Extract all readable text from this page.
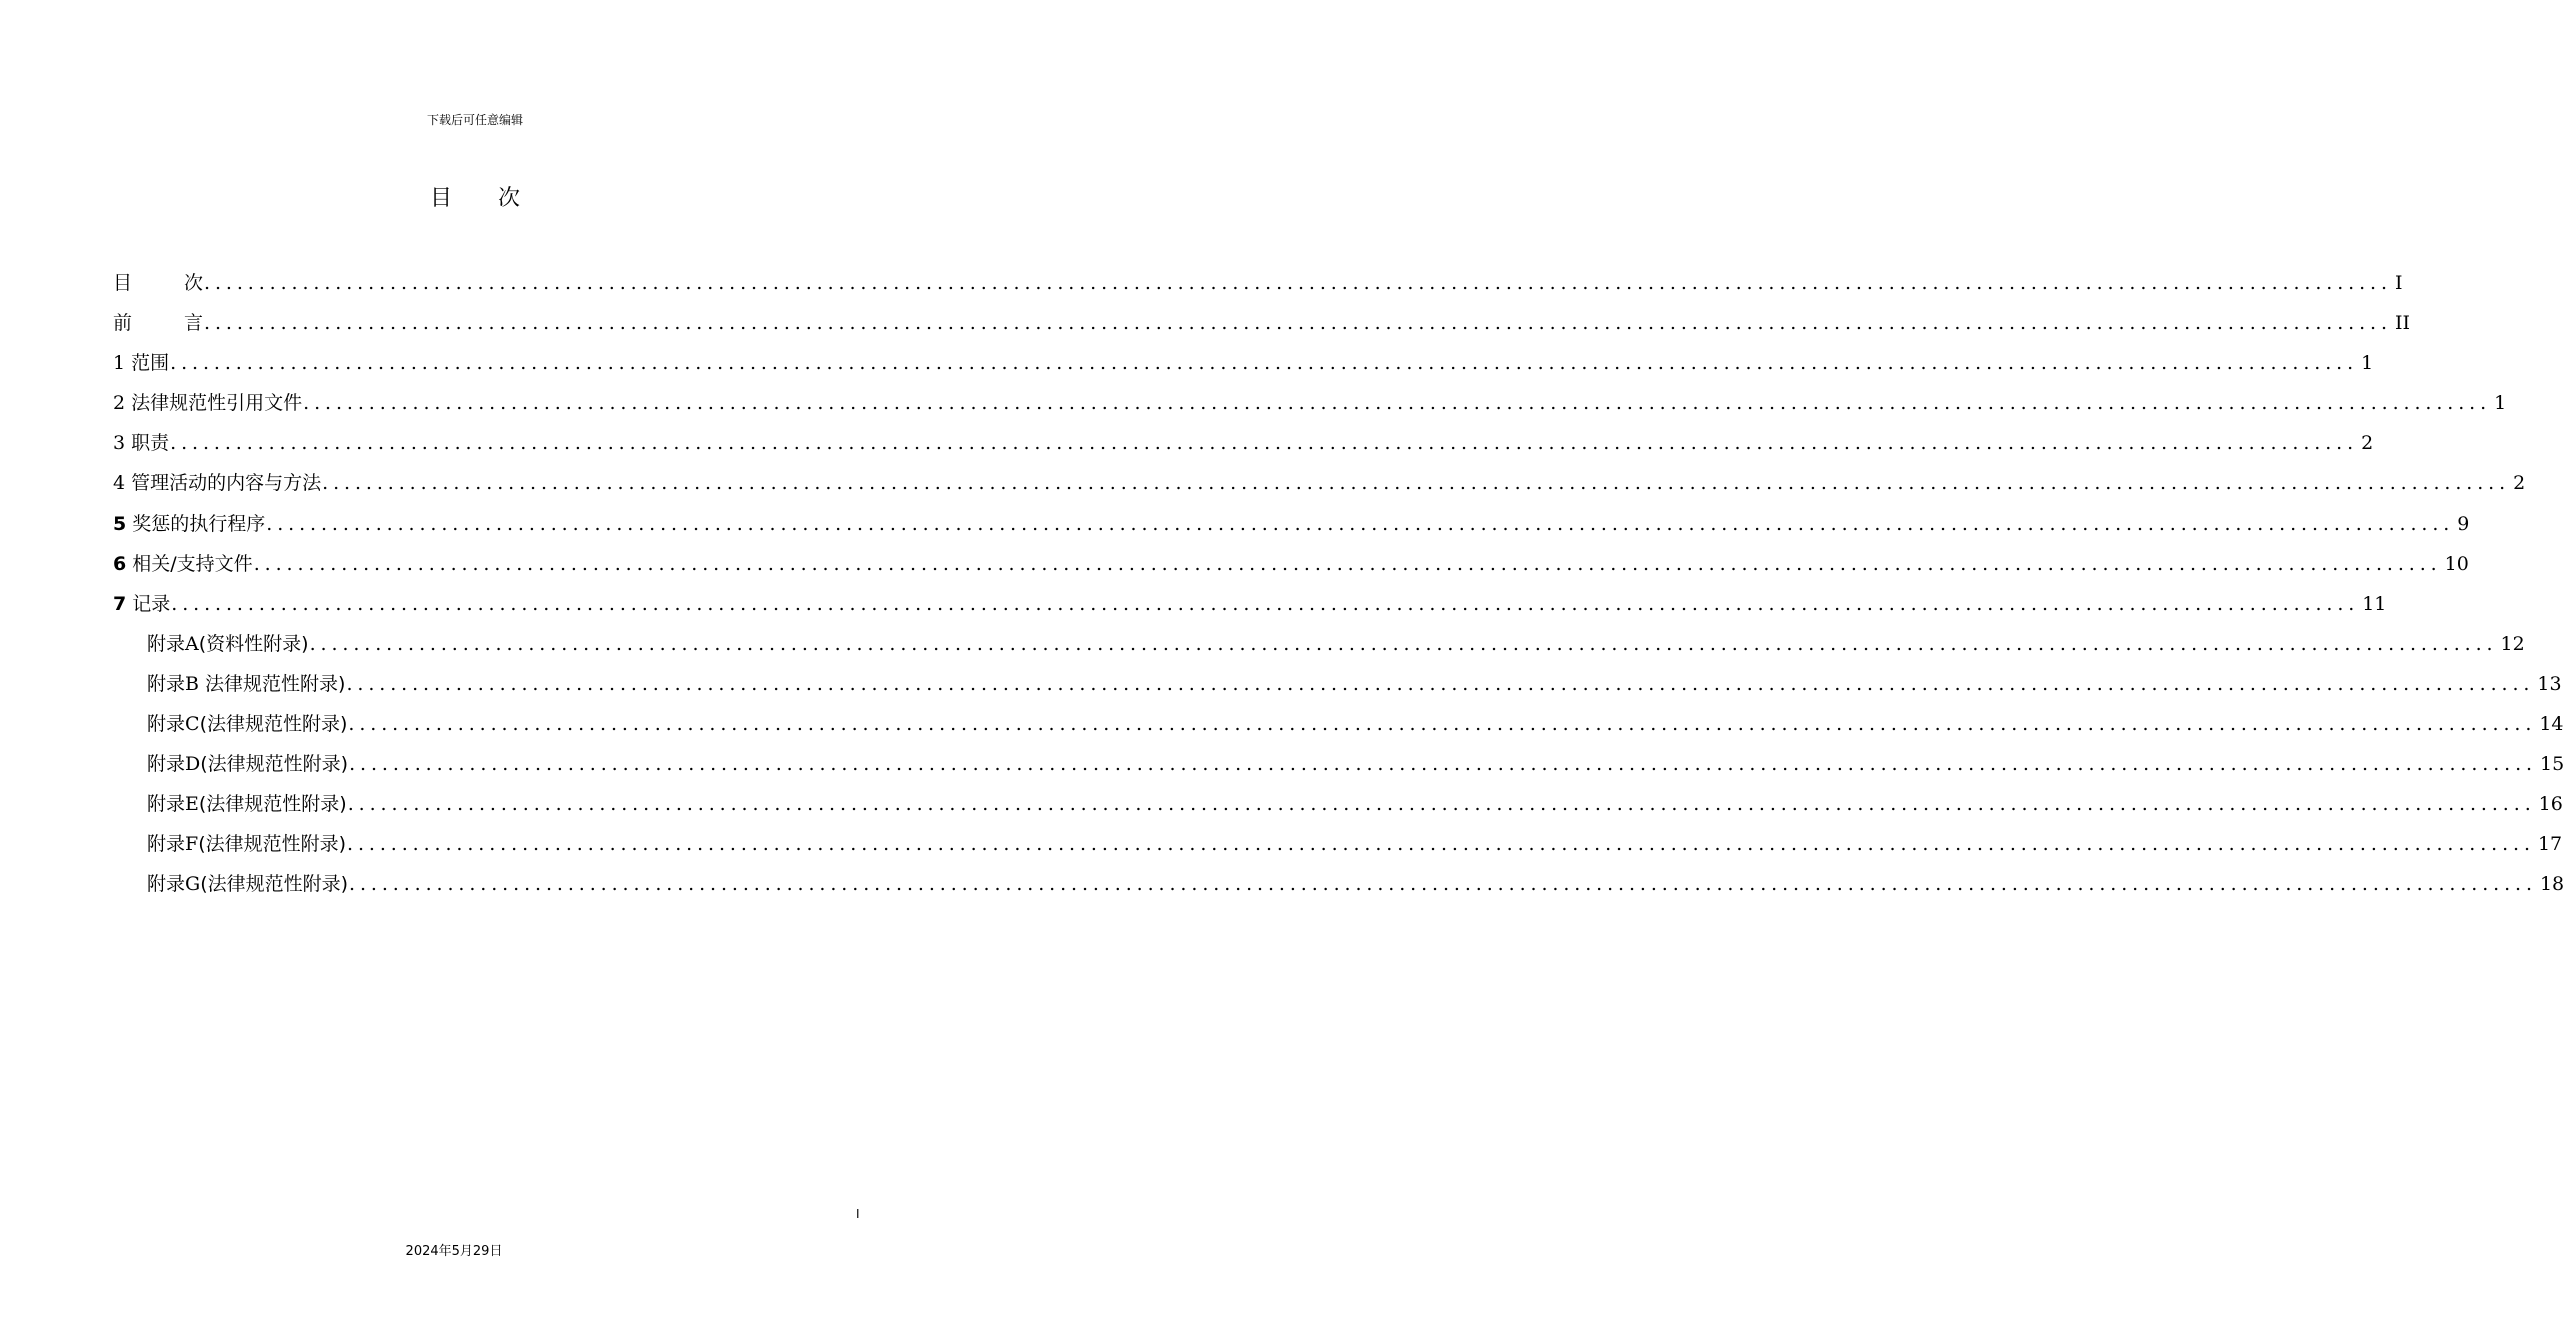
下载后可任意编辑
目 次
目	次 ........................................................................................................................................................................................................ I
前	言 ........................................................................................................................................................................................................ II
1 范围 ........................................................................................................................................................................................................ 1
2 法律规范性引用文件 ........................................................................................................................................................................................................ 1
3 职责 ........................................................................................................................................................................................................ 2
4 管理活动的内容与方法 ........................................................................................................................................................................................................ 2
5 奖惩的执行程序 ........................................................................................................................................................................................................ 9
6 相关/支持文件 ........................................................................................................................................................................................................ 10
7 记录 ........................................................................................................................................................................................................ 11
附录A(资料性附录) ........................................................................................................................................................................................................ 12
附录B 法律规范性附录) ........................................................................................................................................................................................................ 13
附录C(法律规范性附录) ........................................................................................................................................................................................................ 14
附录D(法律规范性附录) ........................................................................................................................................................................................................ 15
附录E(法律规范性附录) ........................................................................................................................................................................................................ 16
附录F(法律规范性附录) ........................................................................................................................................................................................................ 17
附录G(法律规范性附录) ........................................................................................................................................................................................................ 18
I
2024年5月29日
